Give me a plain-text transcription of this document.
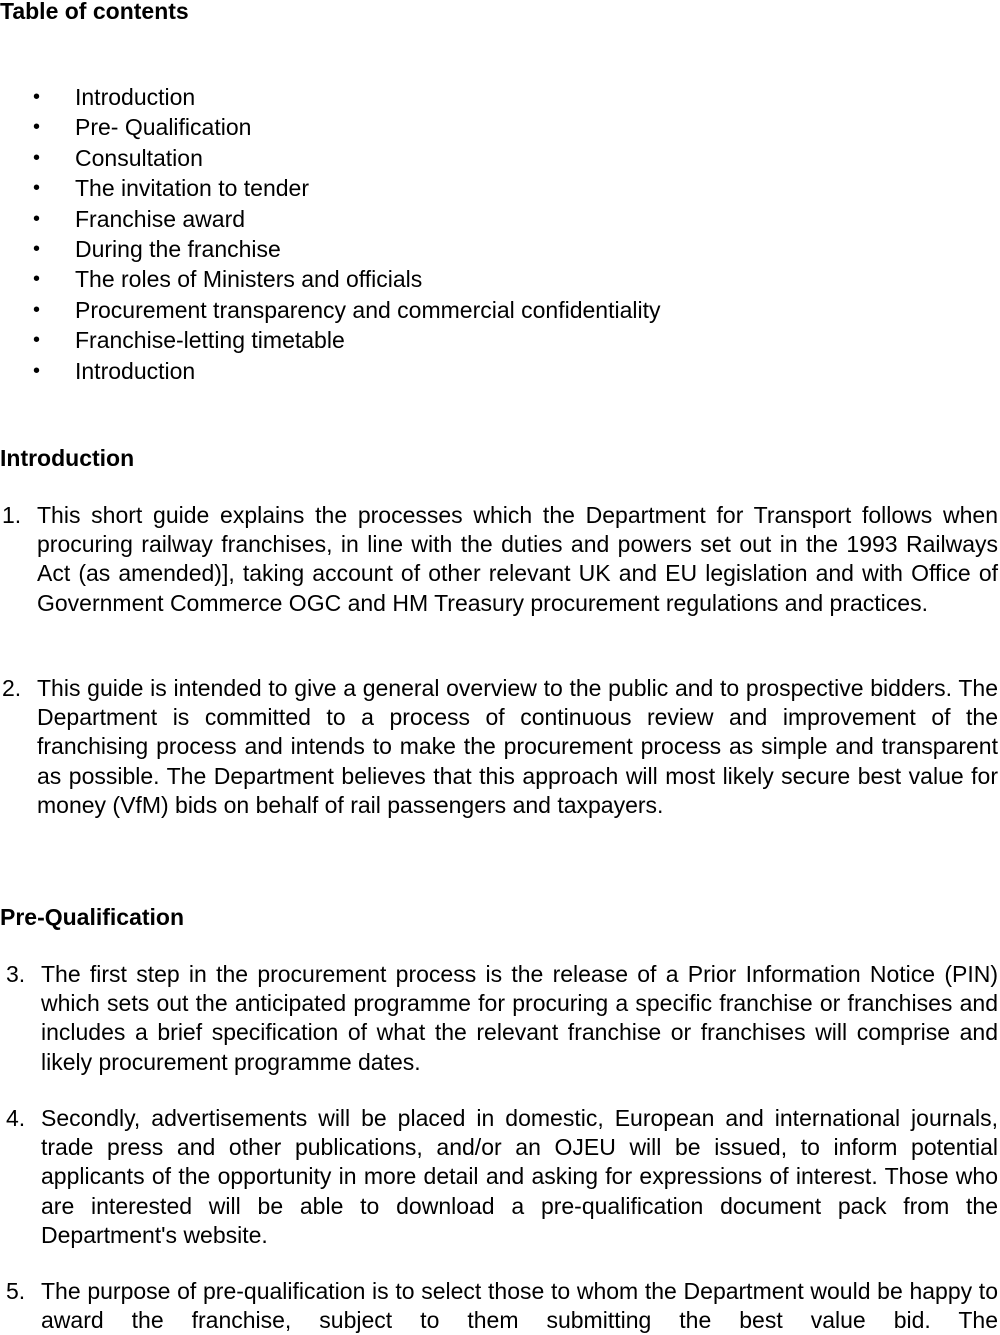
Table of contents
• Introduction
• Pre- Qualification
• Consultation
• The invitation to tender
• Franchise award
• During the franchise
• The roles of Ministers and officials
• Procurement transparency and commercial confidentiality
• Franchise-letting timetable
• Introduction
Introduction
1. This short guide explains the processes which the Department for Transport follows when procuring railway franchises, in line with the duties and powers set out in the 1993 Railways Act (as amended)], taking account of other relevant UK and EU legislation and with Office of Government Commerce OGC and HM Treasury procurement regulations and practices.
2. This guide is intended to give a general overview to the public and to prospective bidders. The Department is committed to a process of continuous review and improvement of the franchising process and intends to make the procurement process as simple and transparent as possible. The Department believes that this approach will most likely secure best value for money (VfM) bids on behalf of rail passengers and taxpayers.
Pre-Qualification
3. The first step in the procurement process is the release of a Prior Information Notice (PIN) which sets out the anticipated programme for procuring a specific franchise or franchises and includes a brief specification of what the relevant franchise or franchises will comprise and likely procurement programme dates.
4. Secondly, advertisements will be placed in domestic, European and international journals, trade press and other publications, and/or an OJEU will be issued, to inform potential applicants of the opportunity in more detail and asking for expressions of interest. Those who are interested will be able to download a pre-qualification document pack from the Department's website.
5. The purpose of pre-qualification is to select those to whom the Department would be happy to award the franchise, subject to them submitting the best value bid. The
